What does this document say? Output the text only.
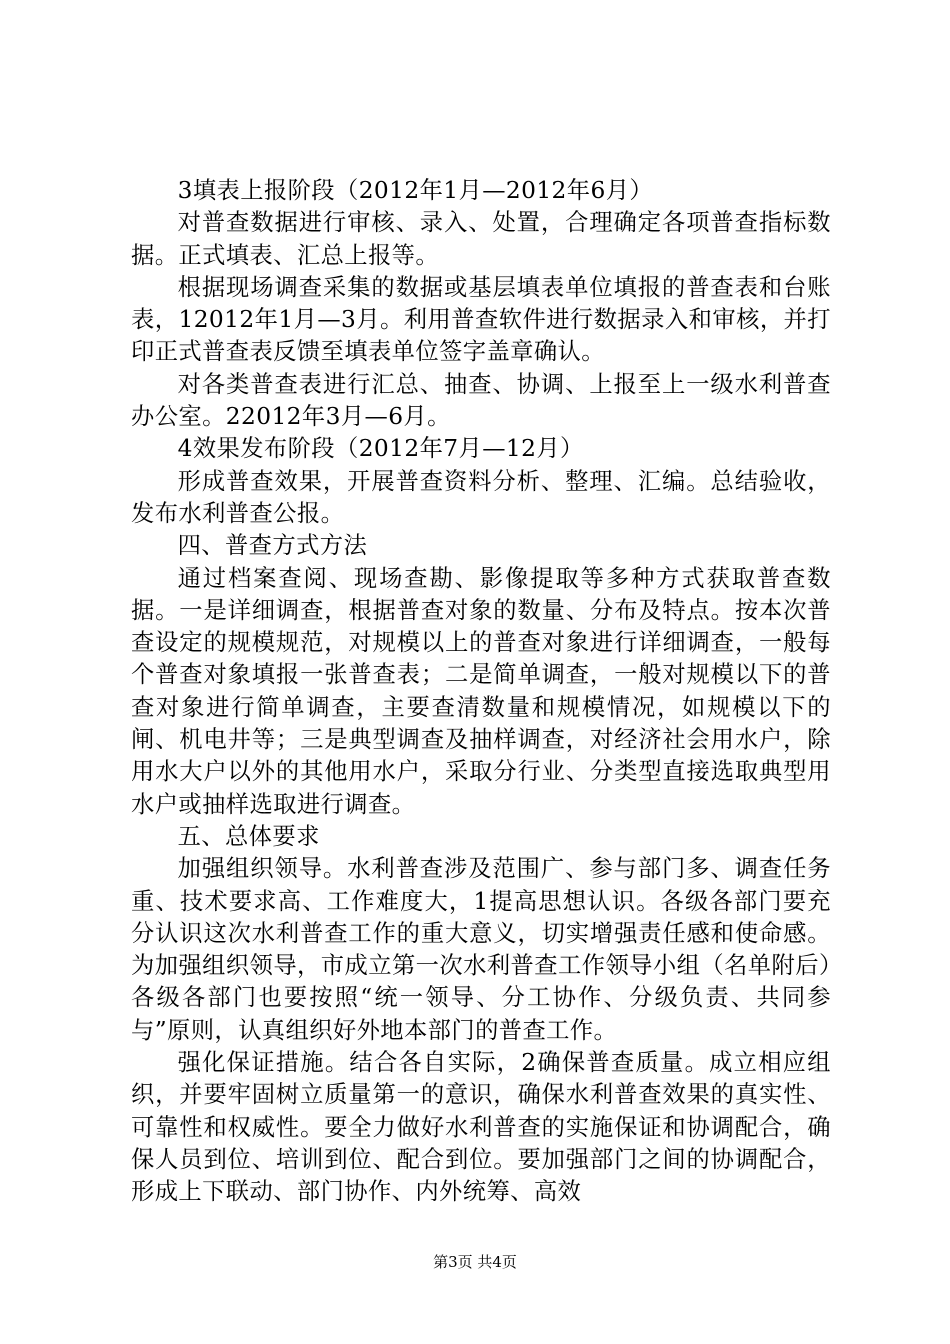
3填表上报阶段（2012年1月—2012年6月）

对普查数据进行审核、录入、处置，合理确定各项普查指标数据。正式填表、汇总上报等。

根据现场调查采集的数据或基层填表单位填报的普查表和台账表，12012年1月—3月。利用普查软件进行数据录入和审核，并打印正式普查表反馈至填表单位签字盖章确认。

对各类普查表进行汇总、抽查、协调、上报至上一级水利普查办公室。22012年3月—6月。

4效果发布阶段（2012年7月—12月）

形成普查效果，开展普查资料分析、整理、汇编。总结验收，发布水利普查公报。

四、普查方式方法

通过档案查阅、现场查勘、影像提取等多种方式获取普查数据。一是详细调查，根据普查对象的数量、分布及特点。按本次普查设定的规模规范，对规模以上的普查对象进行详细调查，一般每个普查对象填报一张普查表；二是简单调查，一般对规模以下的普查对象进行简单调查，主要查清数量和规模情况，如规模以下的闸、机电井等；三是典型调查及抽样调查，对经济社会用水户，除用水大户以外的其他用水户，采取分行业、分类型直接选取典型用水户或抽样选取进行调查。

五、总体要求

加强组织领导。水利普查涉及范围广、参与部门多、调查任务重、技术要求高、工作难度大，1提高思想认识。各级各部门要充分认识这次水利普查工作的重大意义，切实增强责任感和使命感。为加强组织领导，市成立第一次水利普查工作领导小组（名单附后）各级各部门也要按照“统一领导、分工协作、分级负责、共同参与”原则，认真组织好外地本部门的普查工作。

强化保证措施。结合各自实际，2确保普查质量。成立相应组织，并要牢固树立质量第一的意识，确保水利普查效果的真实性、可靠性和权威性。要全力做好水利普查的实施保证和协调配合，确保人员到位、培训到位、配合到位。要加强部门之间的协调配合，形成上下联动、部门协作、内外统筹、高效

第3页 共4页
